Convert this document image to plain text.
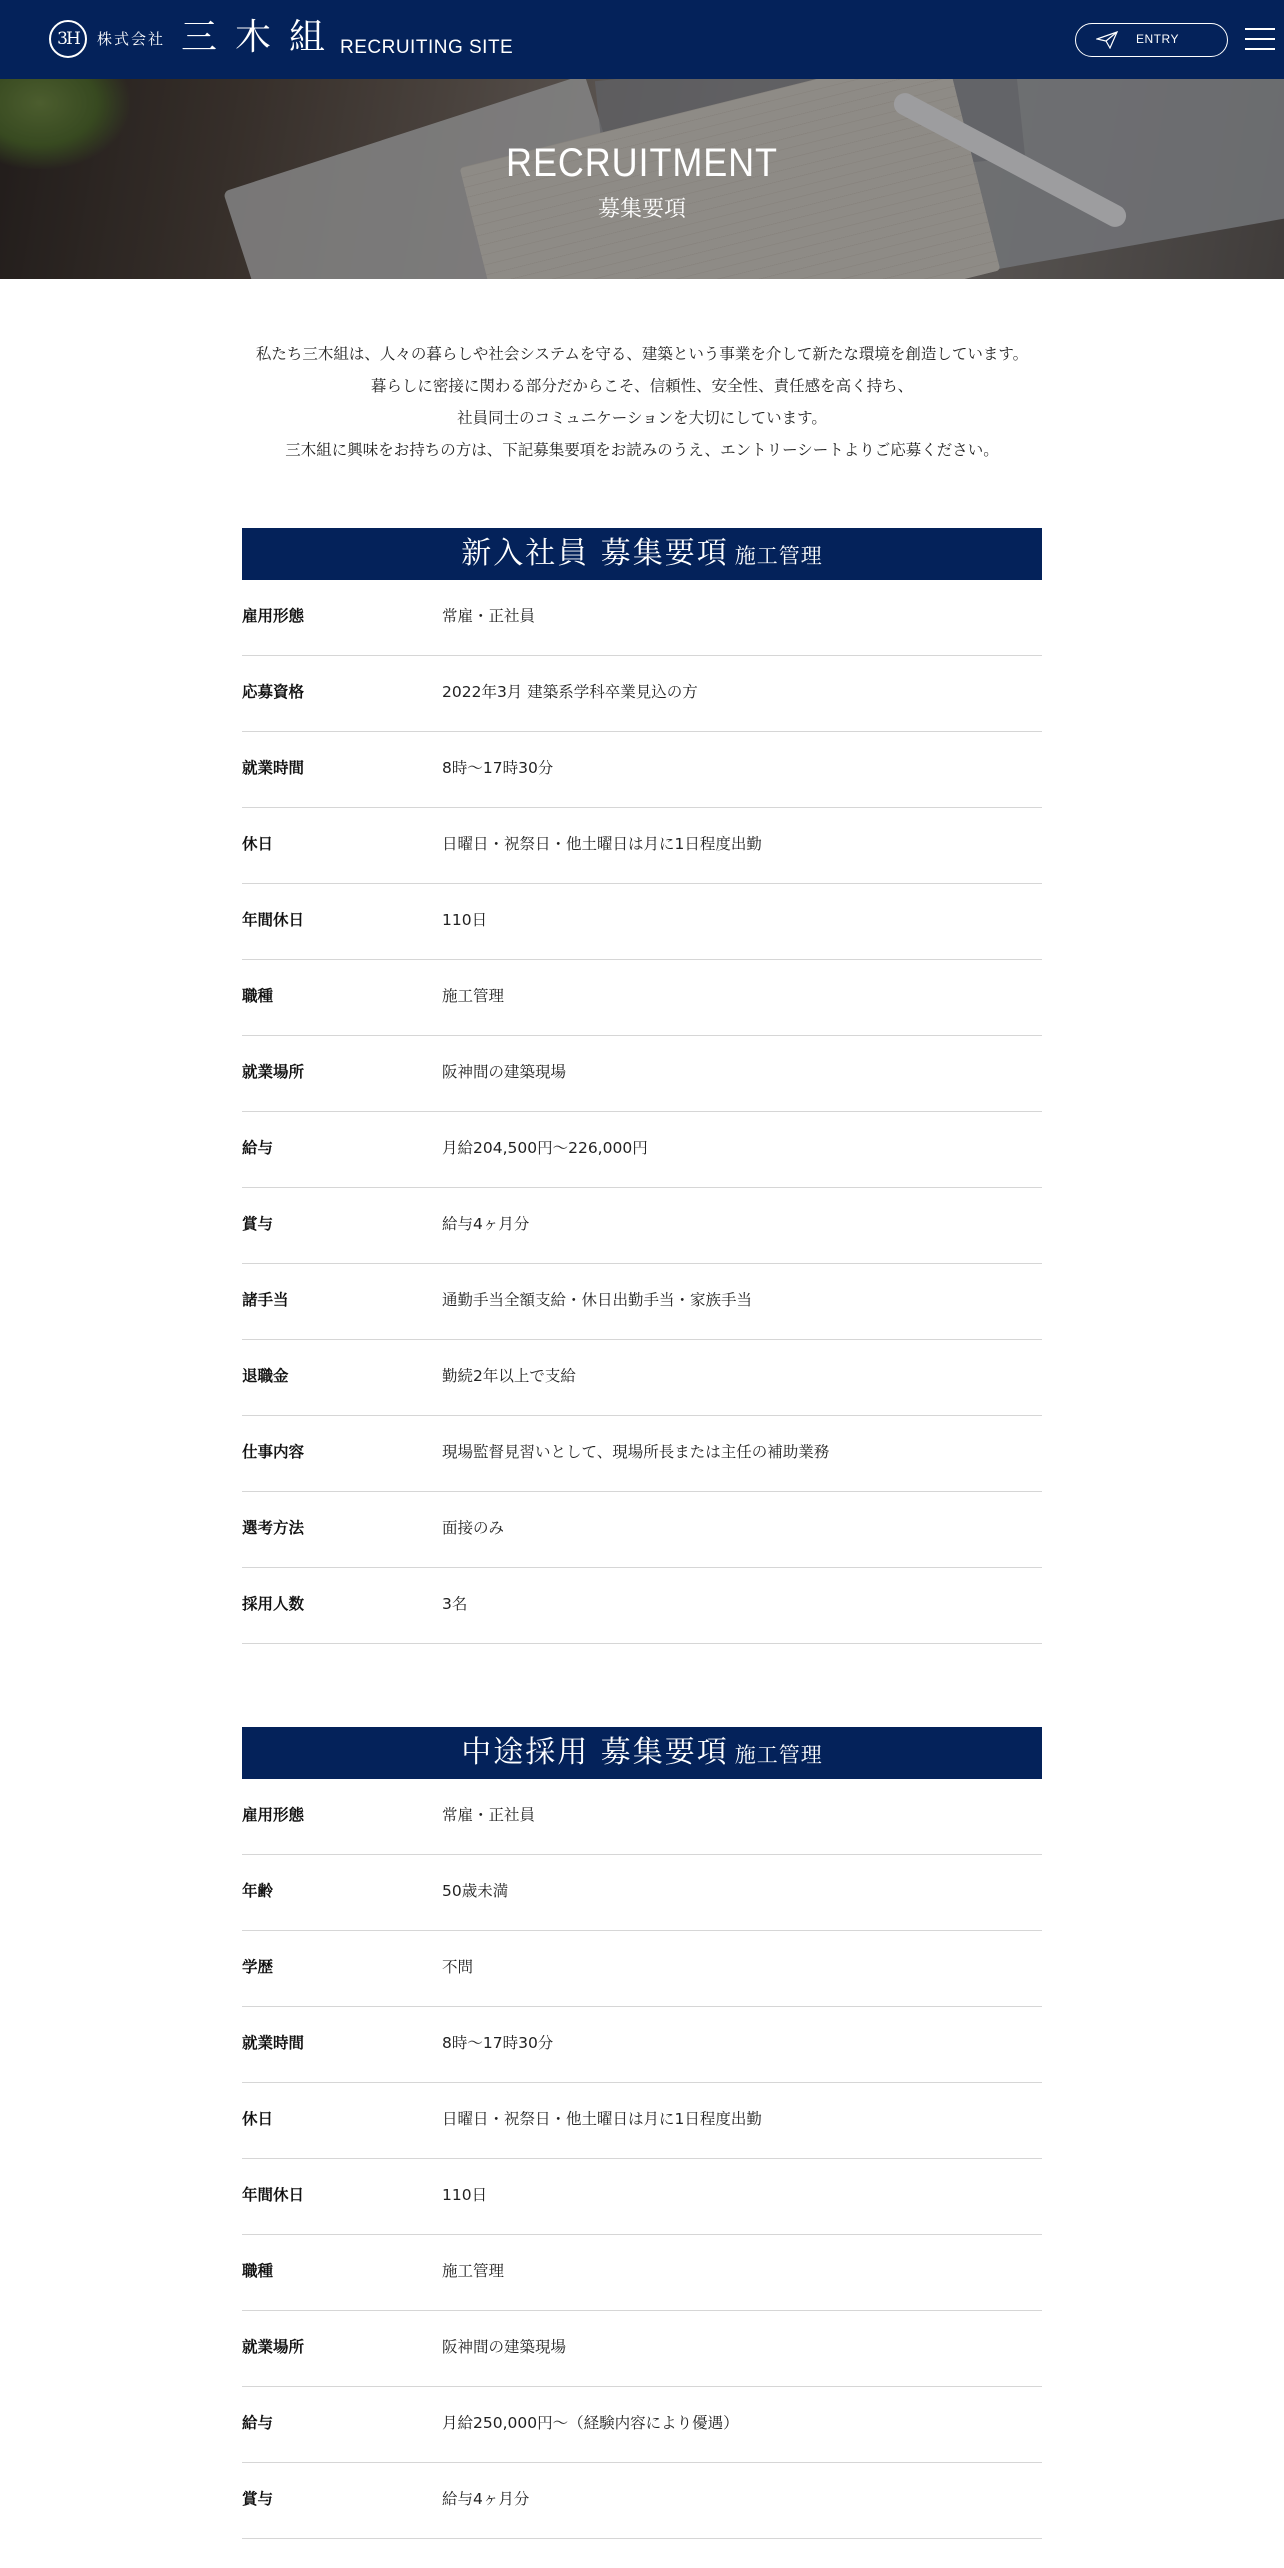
3H	株式会社 三木組
RECRUITING SITE	ENTRY
RECRUITMENT
募集要項

私たち三木組は、人々の暮らしや社会システムを守る、建築という事業を介して新たな環境を創造しています。

暮らしに密接に関わる部分だからこそ、信頼性、安全性、責任感を高く持ち、

社員同士のコミュニケーションを大切にしています。

三木組に興味をお持ちの方は、下記募集要項をお読みのうえ、エントリーシートよりご応募ください。

新入社員 募集要項 施工管理
雇用形態	常雇・正社員
応募資格	2022年3月 建築系学科卒業見込の方
就業時間	8時～17時30分
休日	日曜日・祝祭日・他土曜日は月に1日程度出勤
年間休日	110日
職種	施工管理
就業場所	阪神間の建築現場
給与	月給204,500円～226,000円
賞与	給与4ヶ月分
諸手当	通勤手当全額支給・休日出勤手当・家族手当
退職金	勤続2年以上で支給
仕事内容	現場監督見習いとして、現場所長または主任の補助業務
選考方法	面接のみ
採用人数	3名
中途採用 募集要項 施工管理
雇用形態	常雇・正社員
年齢	50歳未満
学歴	不問
就業時間	8時～17時30分
休日	日曜日・祝祭日・他土曜日は月に1日程度出勤
年間休日	110日
職種	施工管理
就業場所	阪神間の建築現場
給与	月給250,000円～（経験内容により優遇）
賞与	給与4ヶ月分
